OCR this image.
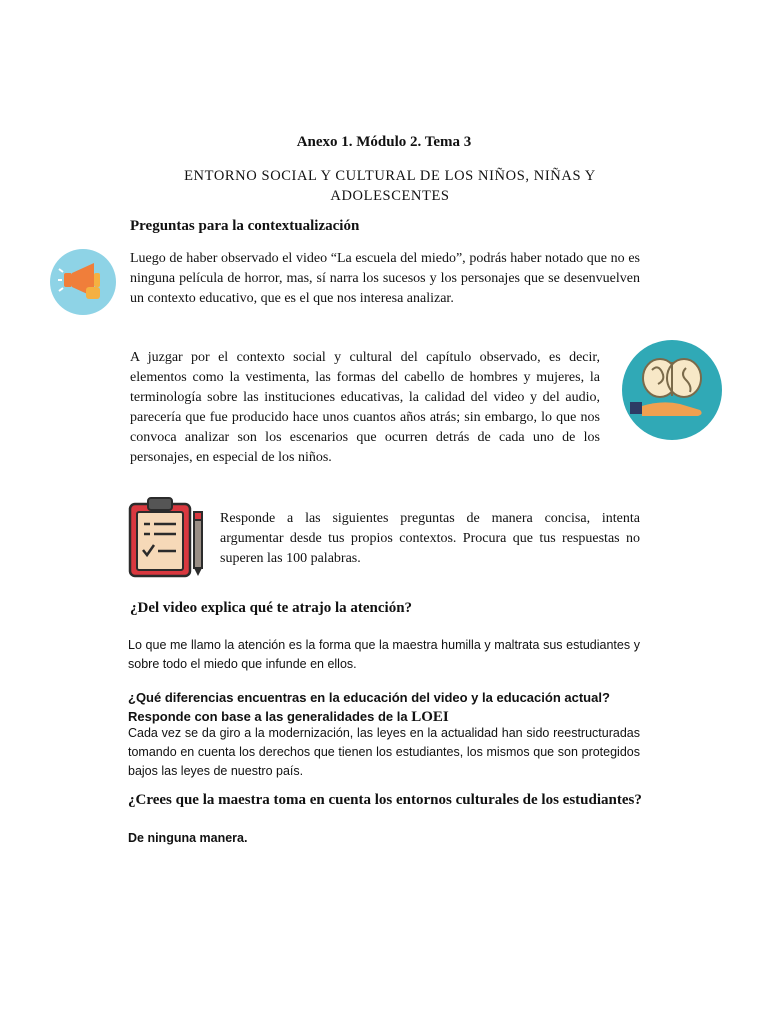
Anexo 1. Módulo 2. Tema 3
ENTORNO SOCIAL Y CULTURAL DE LOS NIÑOS, NIÑAS Y
ADOLESCENTES
Preguntas para la contextualización
Luego de haber observado el video “La escuela del miedo”, podrás haber notado que no es ninguna película de horror, mas, sí narra los sucesos y los personajes que se desenvuelven un contexto educativo, que es el que nos interesa analizar.
A juzgar por el contexto social y cultural del capítulo observado, es decir, elementos como la vestimenta, las formas del cabello de hombres y mujeres, la terminología sobre las instituciones educativas, la calidad del video y del audio, parecería que fue producido hace unos cuantos años atrás; sin embargo, lo que nos convoca analizar son los escenarios que ocurren detrás de cada uno de los personajes, en especial de los niños.
Responde a las siguientes preguntas de manera concisa, intenta argumentar desde tus propios contextos. Procura que tus respuestas no superen las 100 palabras.
¿Del video explica qué te atrajo la atención?
Lo que me llamo la atención es la forma que la maestra humilla y maltrata sus estudiantes y sobre todo el miedo que infunde en ellos.
¿Qué diferencias encuentras en la educación del video y la educación actual?
Responde con base a las generalidades de la LOEI
Cada vez se da giro a la modernización, las leyes en la actualidad han sido reestructuradas tomando en cuenta los derechos que tienen los estudiantes, los mismos que son protegidos bajos las leyes de nuestro país.
¿Crees que la maestra toma en cuenta los entornos culturales de los estudiantes?
De ninguna manera.
